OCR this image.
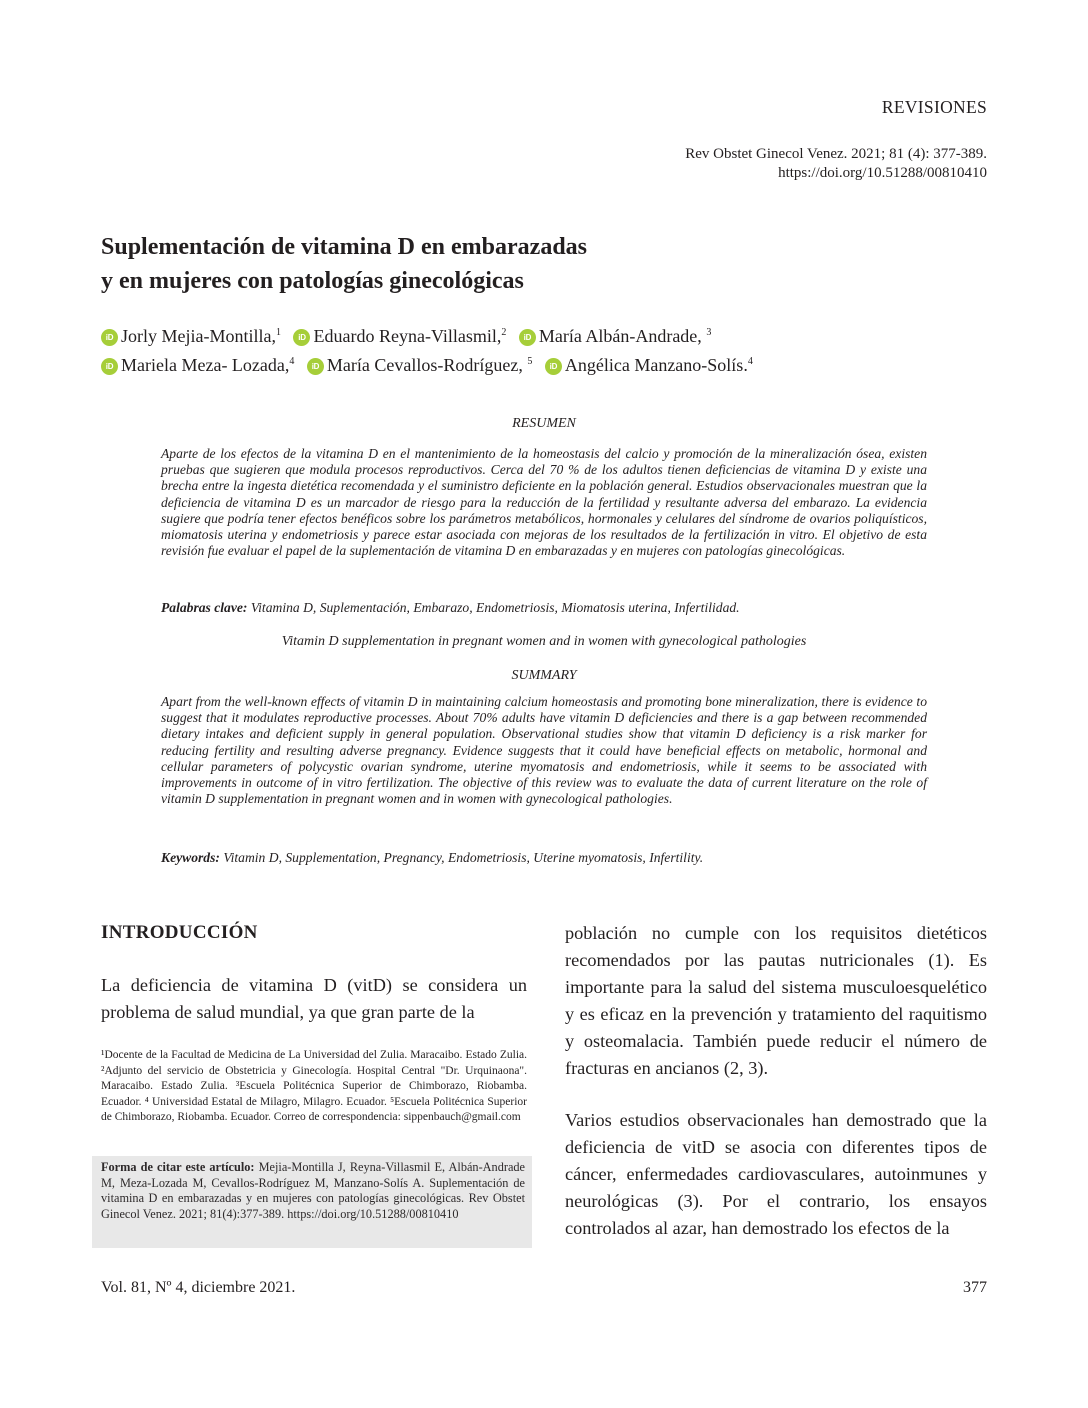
REVISIONES
Rev Obstet Ginecol Venez. 2021; 81 (4): 377-389.
https://doi.org/10.51288/00810410
Suplementación de vitamina D en embarazadas
y en mujeres con patologías ginecológicas
iD Jorly Mejia-Montilla,$^1$ iD Eduardo Reyna-Villasmil,$^2$ iD María Albán-Andrade, $^3$
iD Mariela Meza- Lozada,$^4$ iD María Cevallos-Rodríguez, $^5$ iD Angélica Manzano-Solís.$^4$
RESUMEN
Aparte de los efectos de la vitamina D en el mantenimiento de la homeostasis del calcio y promoción de la mineralización ósea, existen pruebas que sugieren que modula procesos reproductivos. Cerca del 70 % de los adultos tienen deficiencias de vitamina D y existe una brecha entre la ingesta dietética recomendada y el suministro deficiente en la población general. Estudios observacionales muestran que la deficiencia de vitamina D es un marcador de riesgo para la reducción de la fertilidad y resultante adversa del embarazo. La evidencia sugiere que podría tener efectos benéficos sobre los parámetros metabólicos, hormonales y celulares del síndrome de ovarios poliquísticos, miomatosis uterina y endometriosis y parece estar asociada con mejoras de los resultados de la fertilización in vitro. El objetivo de esta revisión fue evaluar el papel de la suplementación de vitamina D en embarazadas y en mujeres con patologías ginecológicas.
Palabras clave: Vitamina D, Suplementación, Embarazo, Endometriosis, Miomatosis uterina, Infertilidad.
Vitamin D supplementation in pregnant women and in women with gynecological pathologies
SUMMARY
Apart from the well-known effects of vitamin D in maintaining calcium homeostasis and promoting bone mineralization, there is evidence to suggest that it modulates reproductive processes. About 70% adults have vitamin D deficiencies and there is a gap between recommended dietary intakes and deficient supply in general population. Observational studies show that vitamin D deficiency is a risk marker for reducing fertility and resulting adverse pregnancy. Evidence suggests that it could have beneficial effects on metabolic, hormonal and cellular parameters of polycystic ovarian syndrome, uterine myomatosis and endometriosis, while it seems to be associated with improvements in outcome of in vitro fertilization. The objective of this review was to evaluate the data of current literature on the role of vitamin D supplementation in pregnant women and in women with gynecological pathologies.
Keywords: Vitamin D, Supplementation, Pregnancy, Endometriosis, Uterine myomatosis, Infertility.
INTRODUCCIÓN

La deficiencia de vitamina D (vitD) se considera un problema de salud mundial, ya que gran parte de la

población no cumple con los requisitos dietéticos recomendados por las pautas nutricionales (1). Es importante para la salud del sistema musculoesquelético y es eficaz en la prevención y tratamiento del raquitismo y osteomalacia. También puede reducir el número de fracturas en ancianos (2, 3).

Varios estudios observacionales han demostrado que la deficiencia de vitD se asocia con diferentes tipos de cáncer, enfermedades cardiovasculares, autoinmunes y neurológicas (3). Por el contrario, los ensayos controlados al azar, han demostrado los efectos de la

¹Docente de la Facultad de Medicina de La Universidad del Zulia. Maracaibo. Estado Zulia. ²Adjunto del servicio de Obstetricia y Ginecología. Hospital Central "Dr. Urquinaona". Maracaibo. Estado Zulia. ³Escuela Politécnica Superior de Chimborazo, Riobamba. Ecuador. ⁴ Universidad Estatal de Milagro, Milagro. Ecuador. ⁵Escuela Politécnica Superior de Chimborazo, Riobamba. Ecuador. Correo de correspondencia: sippenbauch@gmail.com
Forma de citar este artículo: Mejia-Montilla J, Reyna-Villasmil E, Albán-Andrade M, Meza-Lozada M, Cevallos-Rodríguez M, Manzano-Solís A. Suplementación de vitamina D en embarazadas y en mujeres con patologías ginecológicas. Rev Obstet Ginecol Venez. 2021; 81(4):377-389. https://doi.org/10.51288/00810410
Vol. 81, Nº 4, diciembre 2021.	377
